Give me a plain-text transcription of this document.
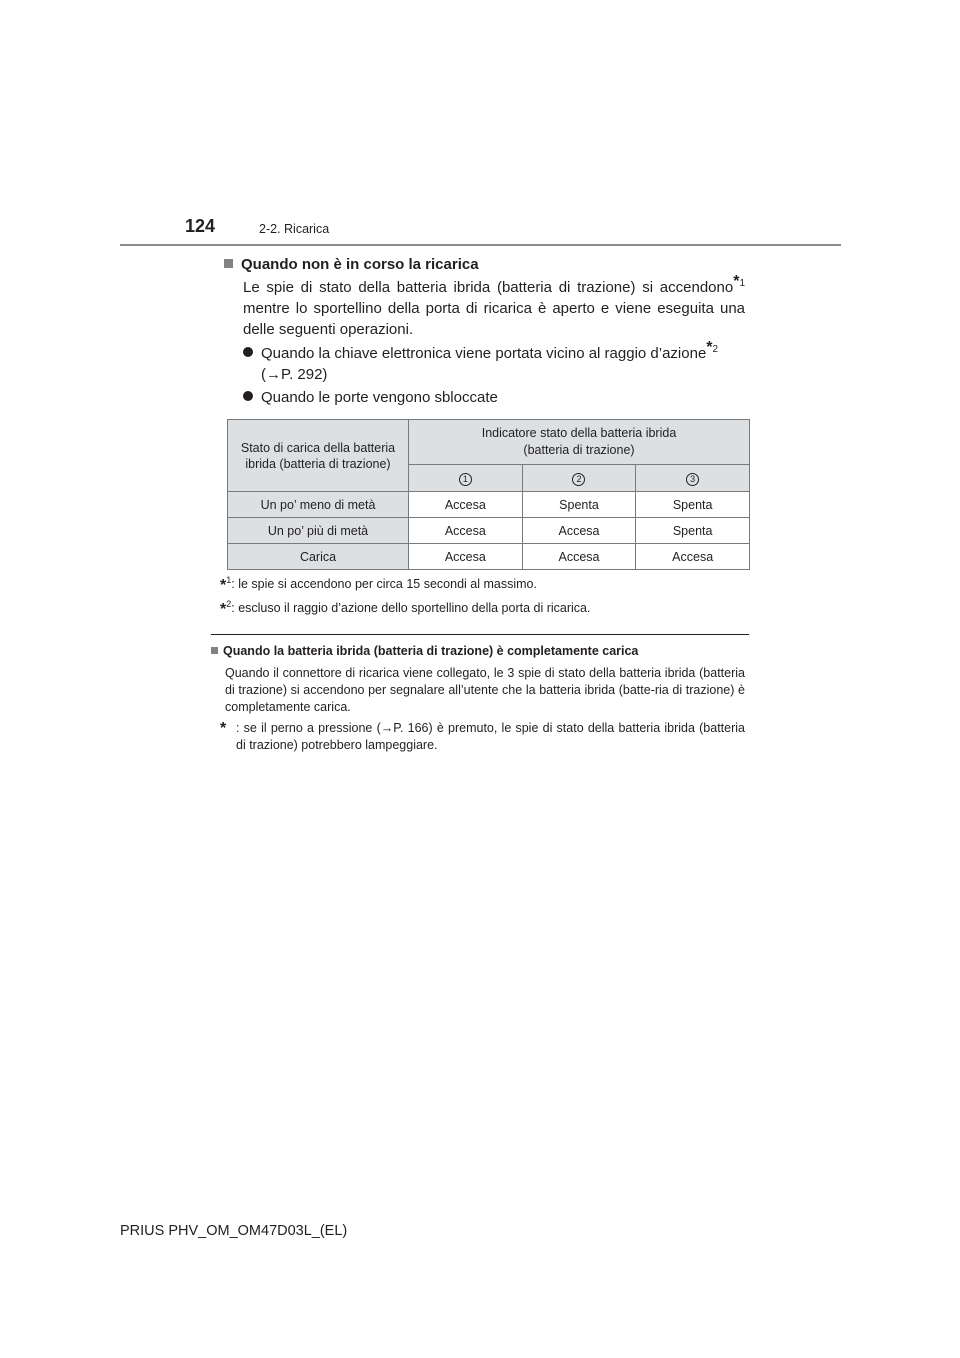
124	2-2. Ricarica
Quando non è in corso la ricarica
Le spie di stato della batteria ibrida (batteria di trazione) si accendono$^{*1}$ mentre lo sportellino della porta di ricarica è aperto e viene eseguita una delle seguenti operazioni.
Quando la chiave elettronica viene portata vicino al raggio d’azione$^{*2}$
(→P. 292)
Quando le porte vengono sbloccate
Stato di carica della batteria ibrida (batteria di trazione)	Indicatore stato della batteria ibrida
(batteria di trazione)		
	1	2	3
Un po’ meno di metà	Accesa	Spenta	Spenta
Un po’ più di metà	Accesa	Accesa	Spenta
Carica	Accesa	Accesa	Accesa
*$^1$: le spie si accendono per circa 15 secondi al massimo.
*$^2$: escluso il raggio d’azione dello sportellino della porta di ricarica.
Quando la batteria ibrida (batteria di trazione) è completamente carica
Quando il connettore di ricarica viene collegato, le 3 spie di stato della batteria ibrida (batteria di trazione) si accendono per segnalare all’utente che la batteria ibrida (batte-ria di trazione) è completamente carica.
* : se il perno a pressione (→P. 166) è premuto, le spie di stato della batteria ibrida (batteria di trazione) potrebbero lampeggiare.
PRIUS PHV_OM_OM47D03L_(EL)
